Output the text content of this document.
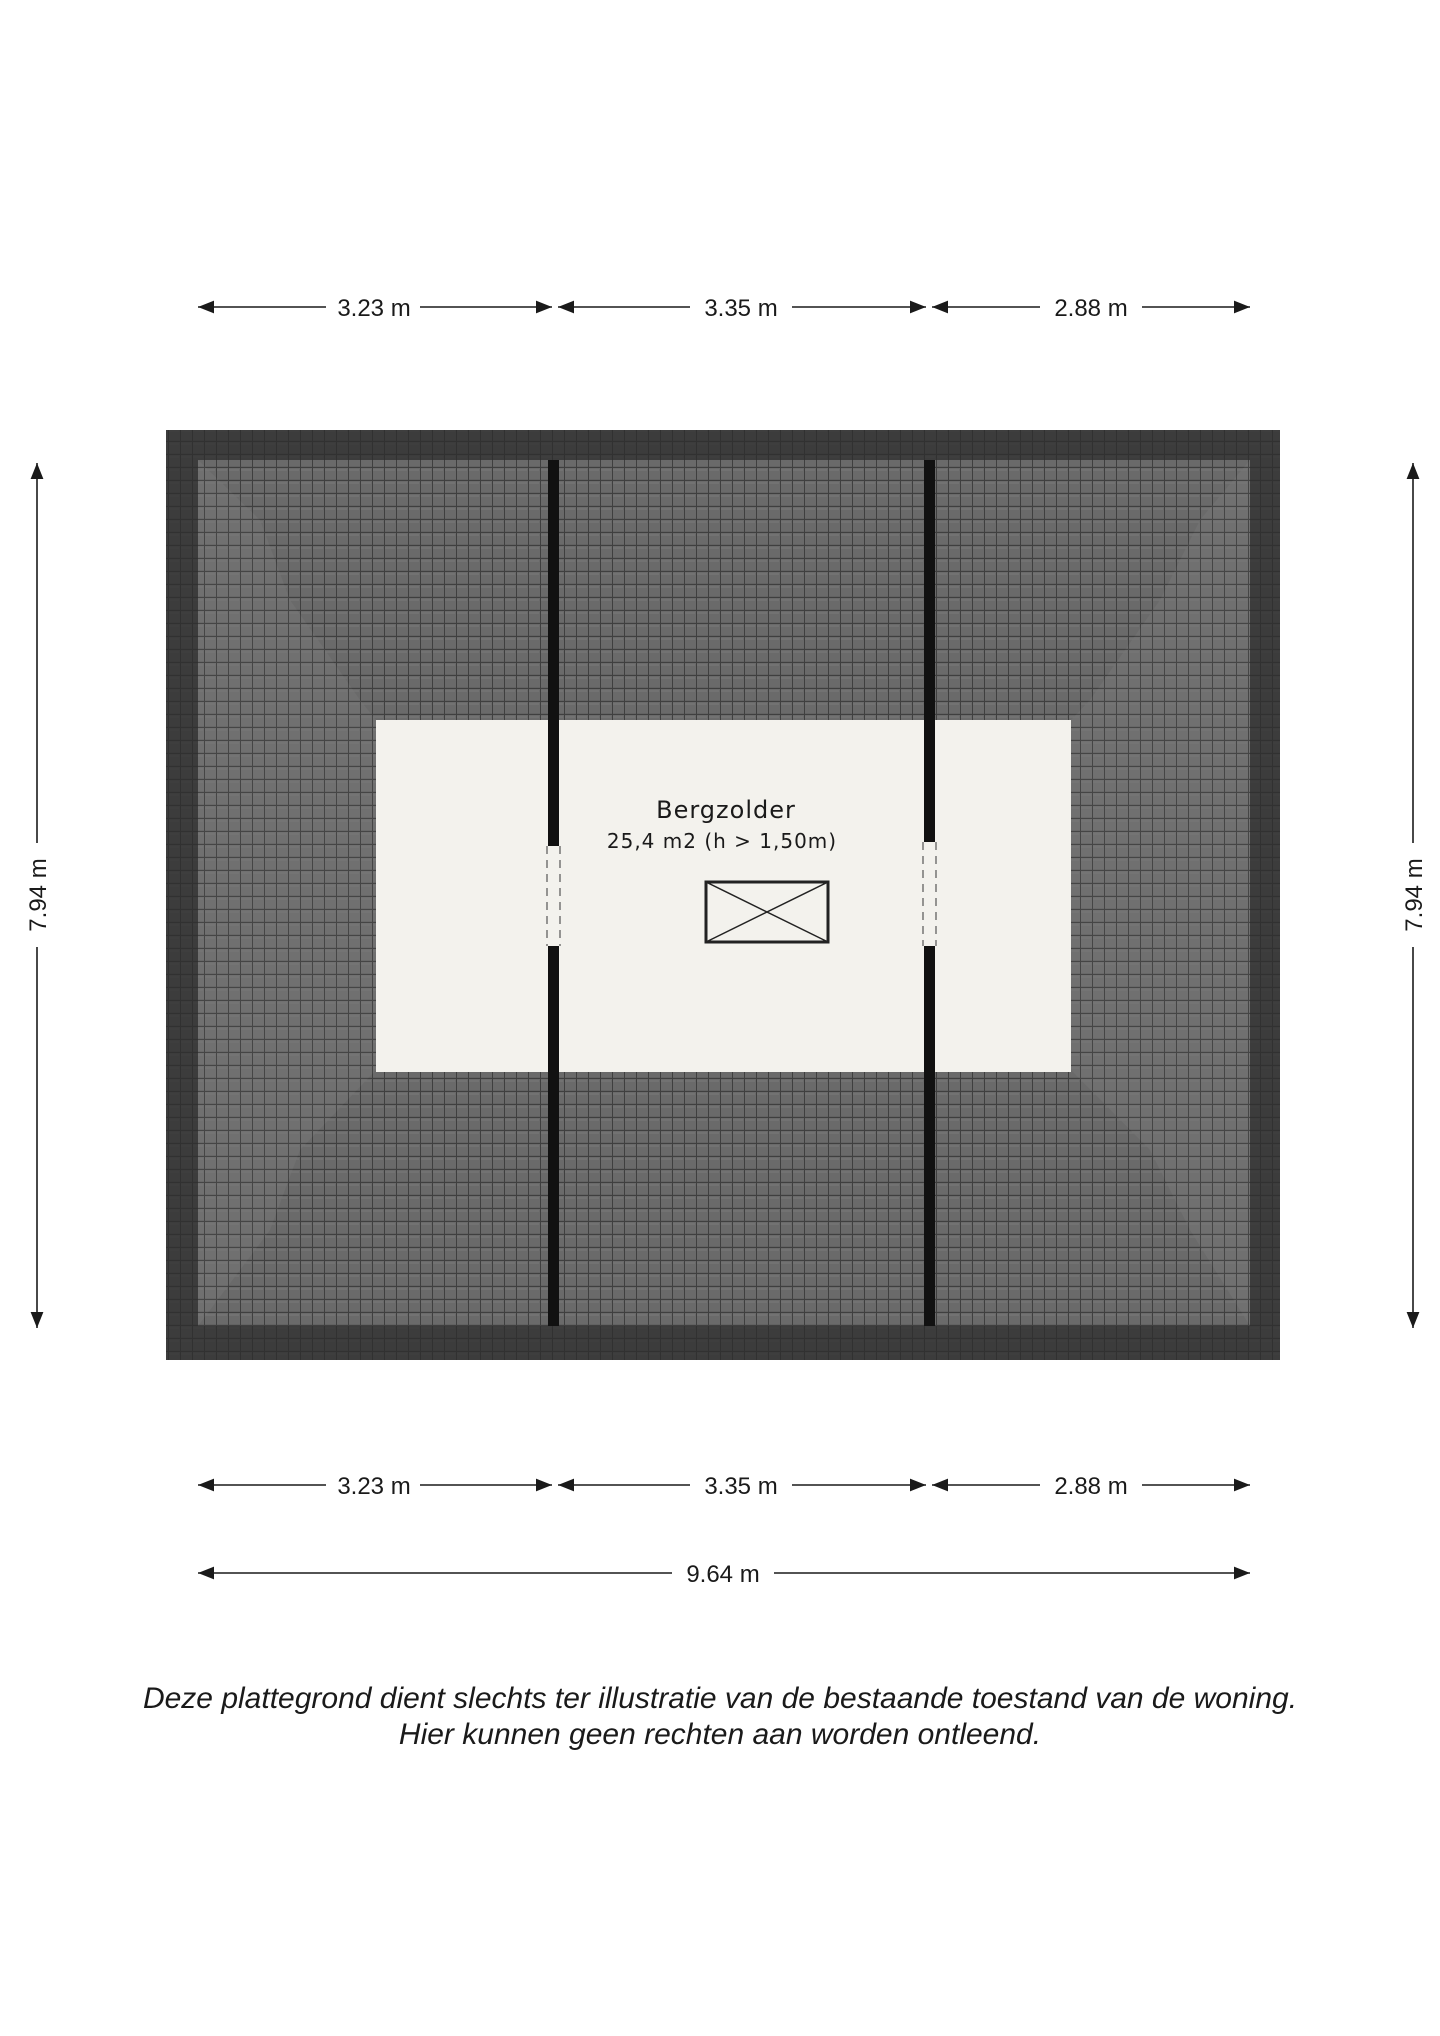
Bergzolder
25,4 m2 (h > 1,50m)
3.23 m	3.35 m	2.88 m
3.23 m	3.35 m	2.88 m
9.64 m
7.94 m	7.94 m
Deze plattegrond dient slechts ter illustratie van de bestaande toestand van de woning.
Hier kunnen geen rechten aan worden ontleend.
